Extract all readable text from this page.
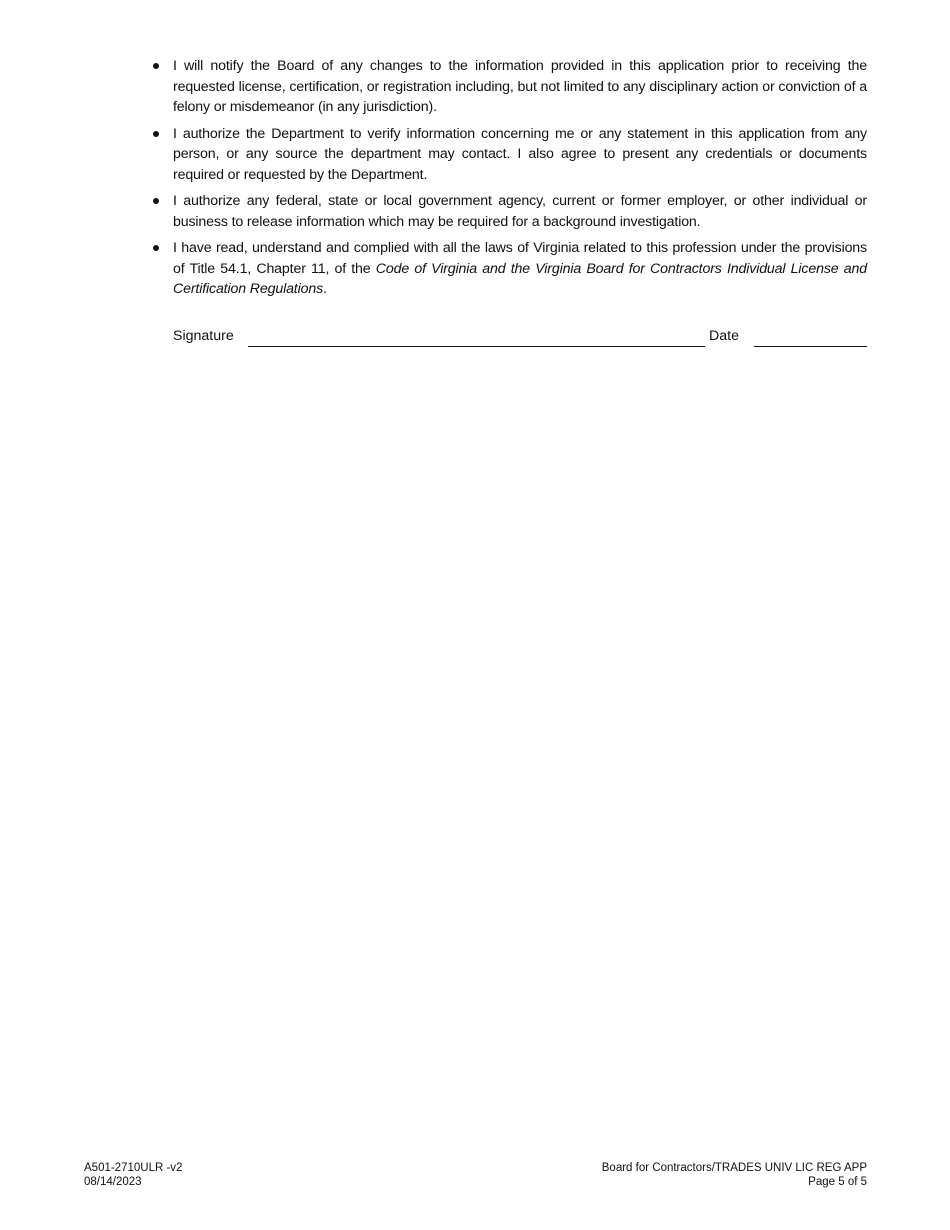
I will notify the Board of any changes to the information provided in this application prior to receiving the requested license, certification, or registration including, but not limited to any disciplinary action or conviction of a felony or misdemeanor (in any jurisdiction).
I authorize the Department to verify information concerning me or any statement in this application from any person, or any source the department may contact. I also agree to present any credentials or documents required or requested by the Department.
I authorize any federal, state or local government agency, current or former employer, or other individual or business to release information which may be required for a background investigation.
I have read, understand and complied with all the laws of Virginia related to this profession under the provisions of Title 54.1, Chapter 11, of the Code of Virginia and the Virginia Board for Contractors Individual License and Certification Regulations.
Signature	Date
A501-2710ULR -v2
08/14/2023
Board for Contractors/TRADES UNIV LIC REG APP
Page 5 of 5
